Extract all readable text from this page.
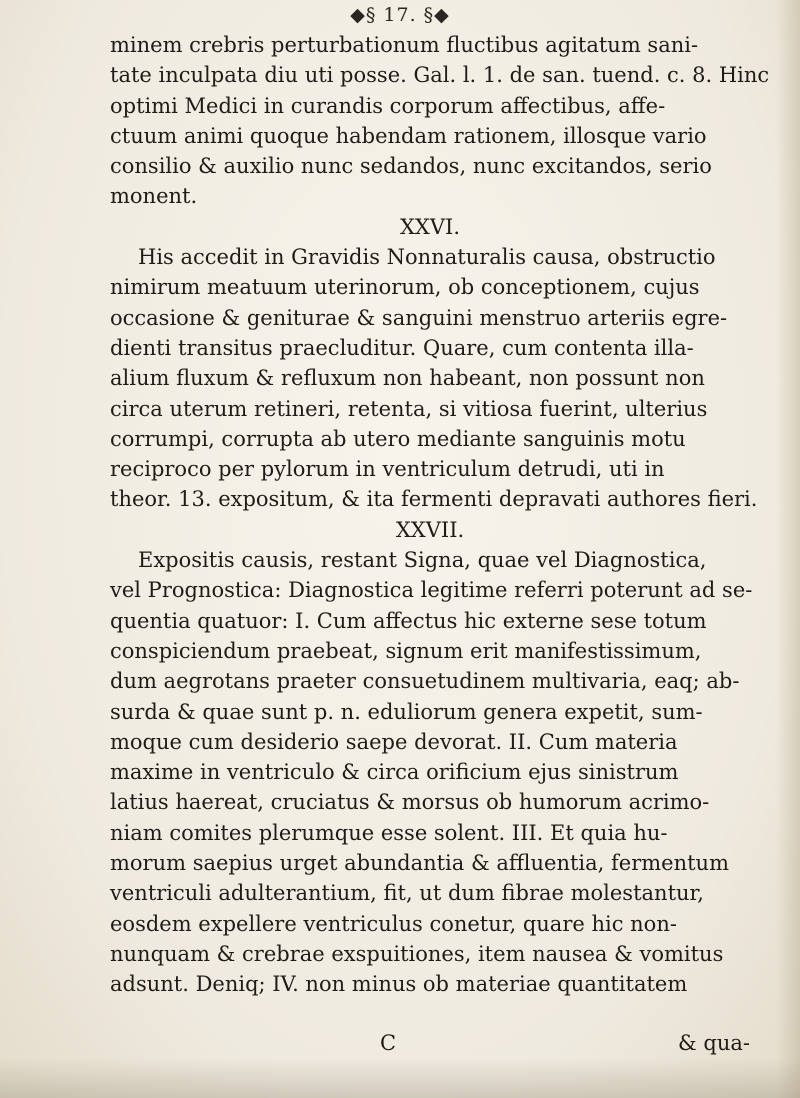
◆§ 17. §◆
minem crebris perturbationum fluctibus agitatum sani-
tate inculpata diu uti posse. Gal. l. 1. de san. tuend. c. 8. Hinc
optimi Medici in curandis corporum affectibus, affe-
ctuum animi quoque habendam rationem, illosque vario
consilio & auxilio nunc sedandos, nunc excitandos, serio
monent.
XXVI.
His accedit in Gravidis Nonnaturalis causa, obstructio
nimirum meatuum uterinorum, ob conceptionem, cujus
occasione & geniturae & sanguini menstruo arteriis egre-
dienti transitus praecluditur. Quare, cum contenta illa-
alium fluxum & refluxum non habeant, non possunt non
circa uterum retineri, retenta, si vitiosa fuerint, ulterius
corrumpi, corrupta ab utero mediante sanguinis motu
reciproco per pylorum in ventriculum detrudi, uti in
theor. 13. expositum, & ita fermenti depravati authores fieri.
XXVII.
Expositis causis, restant Signa, quae vel Diagnostica,
vel Prognostica: Diagnostica legitime referri poterunt ad se-
quentia quatuor: I. Cum affectus hic externe sese totum
conspiciendum praebeat, signum erit manifestissimum,
dum aegrotans praeter consuetudinem multivaria, eaq; ab-
surda & quae sunt p. n. eduliorum genera expetit, sum-
moque cum desiderio saepe devorat. II. Cum materia
maxime in ventriculo & circa orificium ejus sinistrum
latius haereat, cruciatus & morsus ob humorum acrimo-
niam comites plerumque esse solent. III. Et quia hu-
morum saepius urget abundantia & affluentia, fermentum
ventriculi adulterantium, fit, ut dum fibrae molestantur,
eosdem expellere ventriculus conetur, quare hic non-
nunquam & crebrae exspuitiones, item nausea & vomitus
adsunt. Deniq; IV. non minus ob materiae quantitatem
C	& qua-
